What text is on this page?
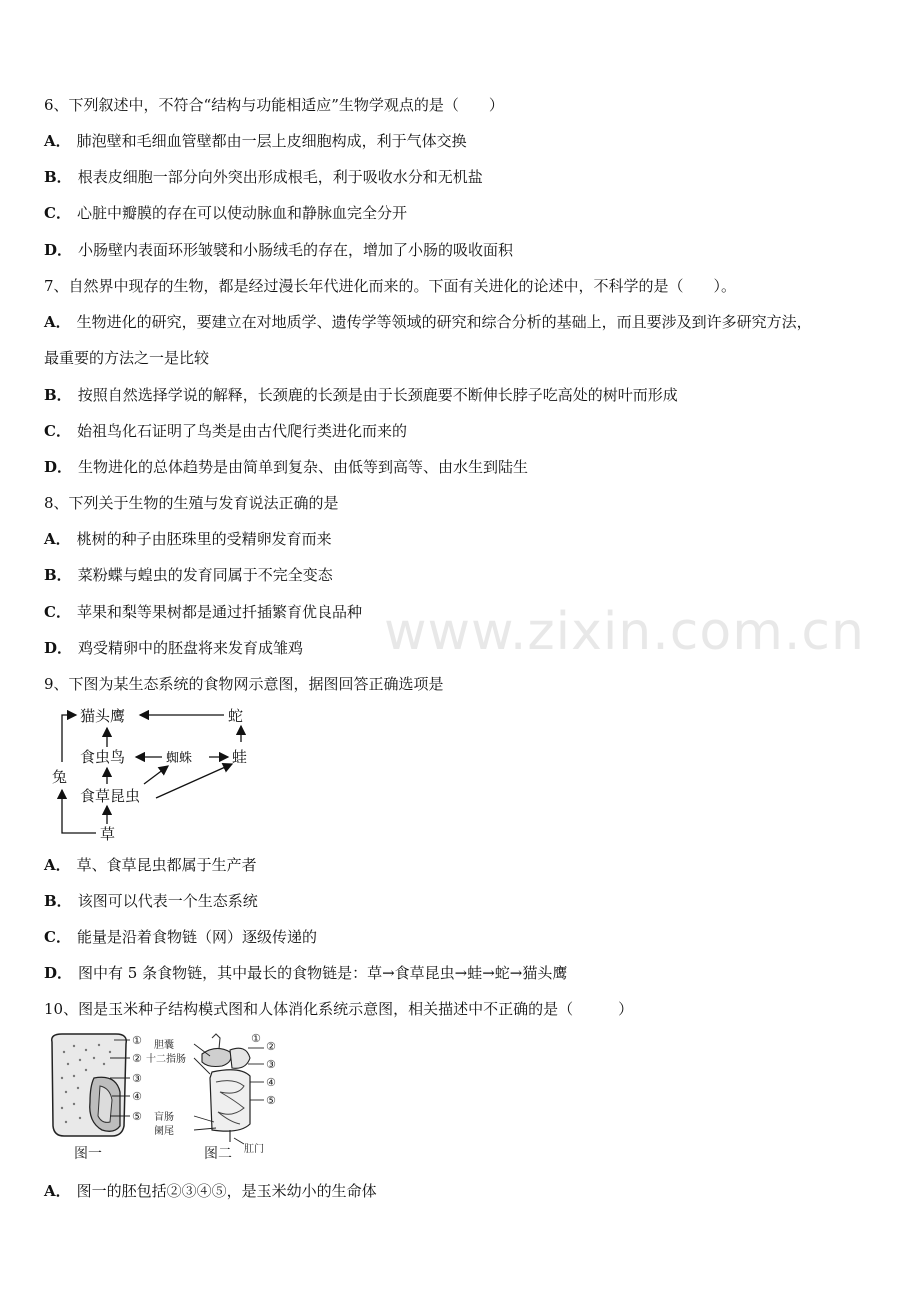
6、下列叙述中，不符合“结构与功能相适应”生物学观点的是（　　）
A． 肺泡壁和毛细血管壁都由一层上皮细胞构成，利于气体交换
B． 根表皮细胞一部分向外突出形成根毛，利于吸收水分和无机盐
C． 心脏中瓣膜的存在可以使动脉血和静脉血完全分开
D． 小肠壁内表面环形皱襞和小肠绒毛的存在，增加了小肠的吸收面积
7、自然界中现存的生物，都是经过漫长年代进化而来的。下面有关进化的论述中，不科学的是（　　）。
A． 生物进化的研究，要建立在对地质学、遗传学等领域的研究和综合分析的基础上，而且要涉及到许多研究方法，
最重要的方法之一是比较
B． 按照自然选择学说的解释，长颈鹿的长颈是由于长颈鹿要不断伸长脖子吃高处的树叶而形成
C． 始祖鸟化石证明了鸟类是由古代爬行类进化而来的
D． 生物进化的总体趋势是由简单到复杂、由低等到高等、由水生到陆生
8、下列关于生物的生殖与发育说法正确的是
A． 桃树的种子由胚珠里的受精卵发育而来
B． 菜粉蝶与蝗虫的发育同属于不完全变态
C． 苹果和梨等果树都是通过扦插繁育优良品种
D． 鸡受精卵中的胚盘将来发育成雏鸡	www.zixin.com.cn
9、下图为某生态系统的食物网示意图，据图回答正确选项是
猫头鹰	蛇
食虫鸟	蜘蛛	蛙
兔
食草昆虫
草
A． 草、食草昆虫都属于生产者
B． 该图可以代表一个生态系统
C． 能量是沿着食物链（网）逐级传递的
D． 图中有 5 条食物链，其中最长的食物链是：草→食草昆虫→蛙→蛇→猫头鹰
10、图是玉米种子结构模式图和人体消化系统示意图，相关描述中不正确的是（　　　）
①
②
③
④
⑤
图一
胆囊
十二指肠
盲肠
阑尾
肛门
②
①
③
④
⑤
图二
A． 图一的胚包括②③④⑤，是玉米幼小的生命体
